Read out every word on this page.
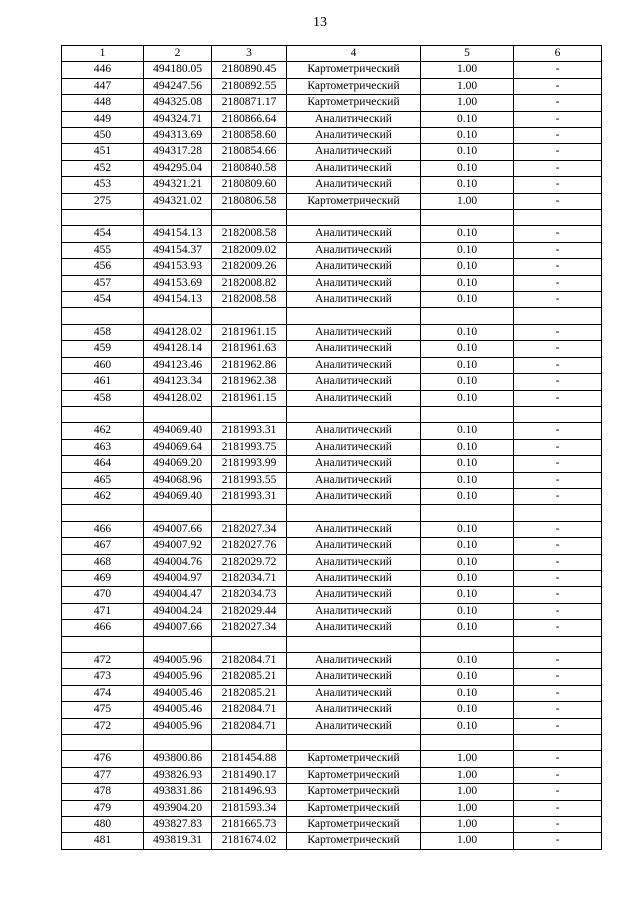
13
1	2	3	4	5	6
446	494180.05	2180890.45	Картометрический	1.00	-
447	494247.56	2180892.55	Картометрический	1.00	-
448	494325.08	2180871.17	Картометрический	1.00	-
449	494324.71	2180866.64	Аналитический	0.10	-
450	494313.69	2180858.60	Аналитический	0.10	-
451	494317.28	2180854.66	Аналитический	0.10	-
452	494295.04	2180840.58	Аналитический	0.10	-
453	494321.21	2180809.60	Аналитический	0.10	-
275	494321.02	2180806.58	Картометрический	1.00	-

454	494154.13	2182008.58	Аналитический	0.10	-
455	494154.37	2182009.02	Аналитический	0.10	-
456	494153.93	2182009.26	Аналитический	0.10	-
457	494153.69	2182008.82	Аналитический	0.10	-
454	494154.13	2182008.58	Аналитический	0.10	-

458	494128.02	2181961.15	Аналитический	0.10	-
459	494128.14	2181961.63	Аналитический	0.10	-
460	494123.46	2181962.86	Аналитический	0.10	-
461	494123.34	2181962.38	Аналитический	0.10	-
458	494128.02	2181961.15	Аналитический	0.10	-

462	494069.40	2181993.31	Аналитический	0.10	-
463	494069.64	2181993.75	Аналитический	0.10	-
464	494069.20	2181993.99	Аналитический	0.10	-
465	494068.96	2181993.55	Аналитический	0.10	-
462	494069.40	2181993.31	Аналитический	0.10	-

466	494007.66	2182027.34	Аналитический	0.10	-
467	494007.92	2182027.76	Аналитический	0.10	-
468	494004.76	2182029.72	Аналитический	0.10	-
469	494004.97	2182034.71	Аналитический	0.10	-
470	494004.47	2182034.73	Аналитический	0.10	-
471	494004.24	2182029.44	Аналитический	0.10	-
466	494007.66	2182027.34	Аналитический	0.10	-

472	494005.96	2182084.71	Аналитический	0.10	-
473	494005.96	2182085.21	Аналитический	0.10	-
474	494005.46	2182085.21	Аналитический	0.10	-
475	494005.46	2182084.71	Аналитический	0.10	-
472	494005.96	2182084.71	Аналитический	0.10	-

476	493800.86	2181454.88	Картометрический	1.00	-
477	493826.93	2181490.17	Картометрический	1.00	-
478	493831.86	2181496.93	Картометрический	1.00	-
479	493904.20	2181593.34	Картометрический	1.00	-
480	493827.83	2181665.73	Картометрический	1.00	-
481	493819.31	2181674.02	Картометрический	1.00	-
